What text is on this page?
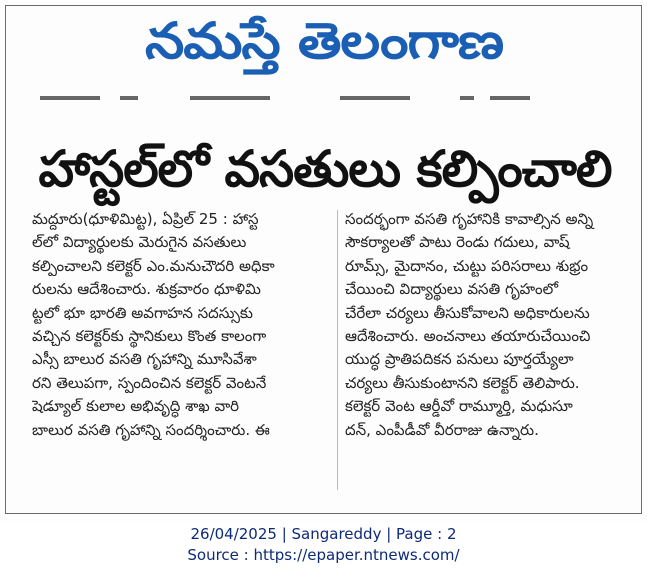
నమస్తే తెలంగాణ
హాస్టల్‌లో వసతులు కల్పించాలి
మద్దూరు(ధూళిమిట్ట), ఏప్రిల్ 25 : హాస్ట
ల్‌లో విద్యార్థులకు మెరుగైన వసతులు
కల్పించాలని కలెక్టర్ ఎం.మనుచౌదరి అధికా
రులను ఆదేశించారు. శుక్రవారం ధూళిమి
ట్టలో భూ భారతి అవగాహన సదస్సుకు
వచ్చిన కలెక్టర్‌కు స్థానికులు కొంత కాలంగా
ఎస్సీ బాలుర వసతి గృహాన్ని మూసివేశా
రని తెలుపగా, స్పందించిన కలెక్టర్ వెంటనే
షెడ్యూల్ కులాల అభివృద్ధి శాఖ వారి
బాలుర వసతి గృహాన్ని సందర్శించారు. ఈ
సందర్భంగా వసతి గృహానికి కావాల్సిన అన్ని
సౌకర్యాలతో పాటు రెండు గదులు, వాష్
రూమ్స్, మైదానం, చుట్టు పరిసరాలు శుభ్రం
చేయించి విద్యార్థులు వసతి గృహంలో
చేరేలా చర్యలు తీసుకోవాలని అధికారులను
ఆదేశించారు. అంచనాలు తయారుచేయించి
యుద్ధ ప్రాతిపదికన పనులు పూర్తయ్యేలా
చర్యలు తీసుకుంటానని కలెక్టర్ తెలిపారు.
కలెక్టర్ వెంట ఆర్డీవో రామ్మూర్తి, మధుసూ
దన్, ఎంపీడీవో వీరరాజు ఉన్నారు.
26/04/2025 | Sangareddy | Page : 2
Source : https://epaper.ntnews.com/
